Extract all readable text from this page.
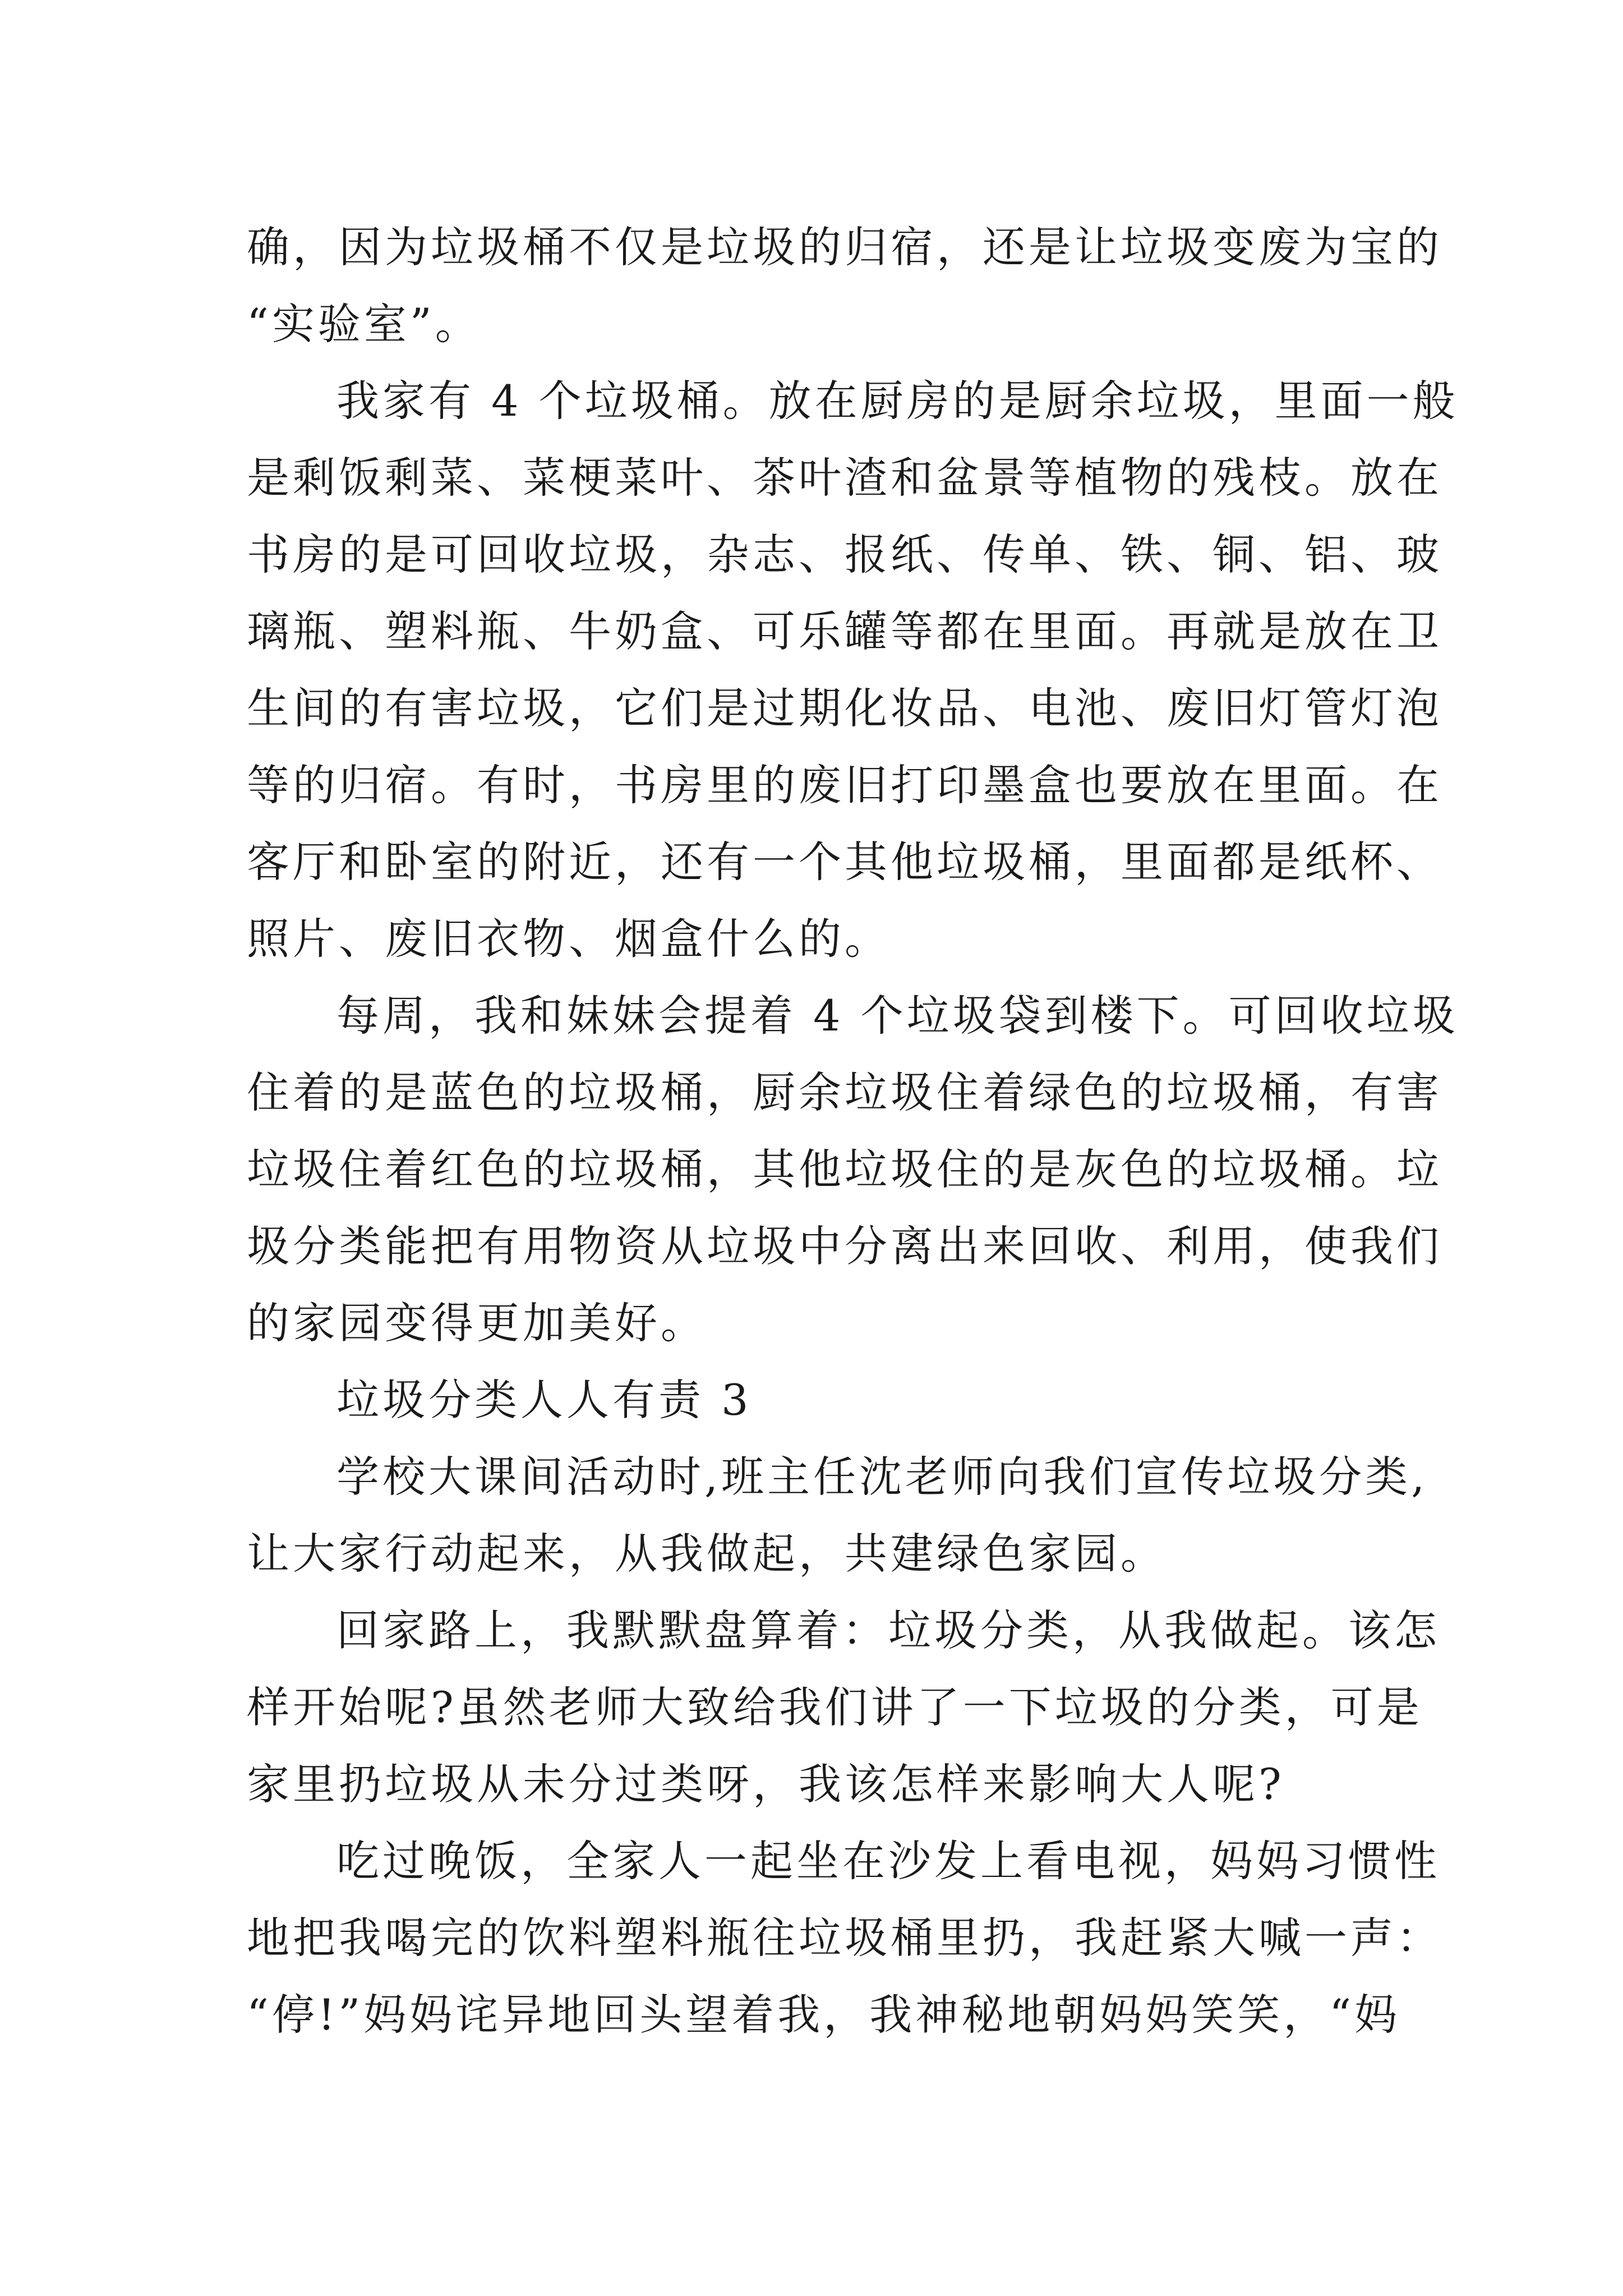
确，因为垃圾桶不仅是垃圾的归宿，还是让垃圾变废为宝的
“实验室”。
我家有 4 个垃圾桶。放在厨房的是厨余垃圾，里面一般
是剩饭剩菜、菜梗菜叶、茶叶渣和盆景等植物的残枝。放在
书房的是可回收垃圾，杂志、报纸、传单、铁、铜、铝、玻
璃瓶、塑料瓶、牛奶盒、可乐罐等都在里面。再就是放在卫
生间的有害垃圾，它们是过期化妆品、电池、废旧灯管灯泡
等的归宿。有时，书房里的废旧打印墨盒也要放在里面。在
客厅和卧室的附近，还有一个其他垃圾桶，里面都是纸杯、
照片、废旧衣物、烟盒什么的。
每周，我和妹妹会提着 4 个垃圾袋到楼下。可回收垃圾
住着的是蓝色的垃圾桶，厨余垃圾住着绿色的垃圾桶，有害
垃圾住着红色的垃圾桶，其他垃圾住的是灰色的垃圾桶。垃
圾分类能把有用物资从垃圾中分离出来回收、利用，使我们
的家园变得更加美好。
垃圾分类人人有责 3
学校大课间活动时,班主任沈老师向我们宣传垃圾分类,
让大家行动起来，从我做起，共建绿色家园。
回家路上，我默默盘算着：垃圾分类，从我做起。该怎
样开始呢?虽然老师大致给我们讲了一下垃圾的分类，可是
家里扔垃圾从未分过类呀，我该怎样来影响大人呢?
吃过晚饭，全家人一起坐在沙发上看电视，妈妈习惯性
地把我喝完的饮料塑料瓶往垃圾桶里扔，我赶紧大喊一声：
“停!”妈妈诧异地回头望着我，我神秘地朝妈妈笑笑，“妈
